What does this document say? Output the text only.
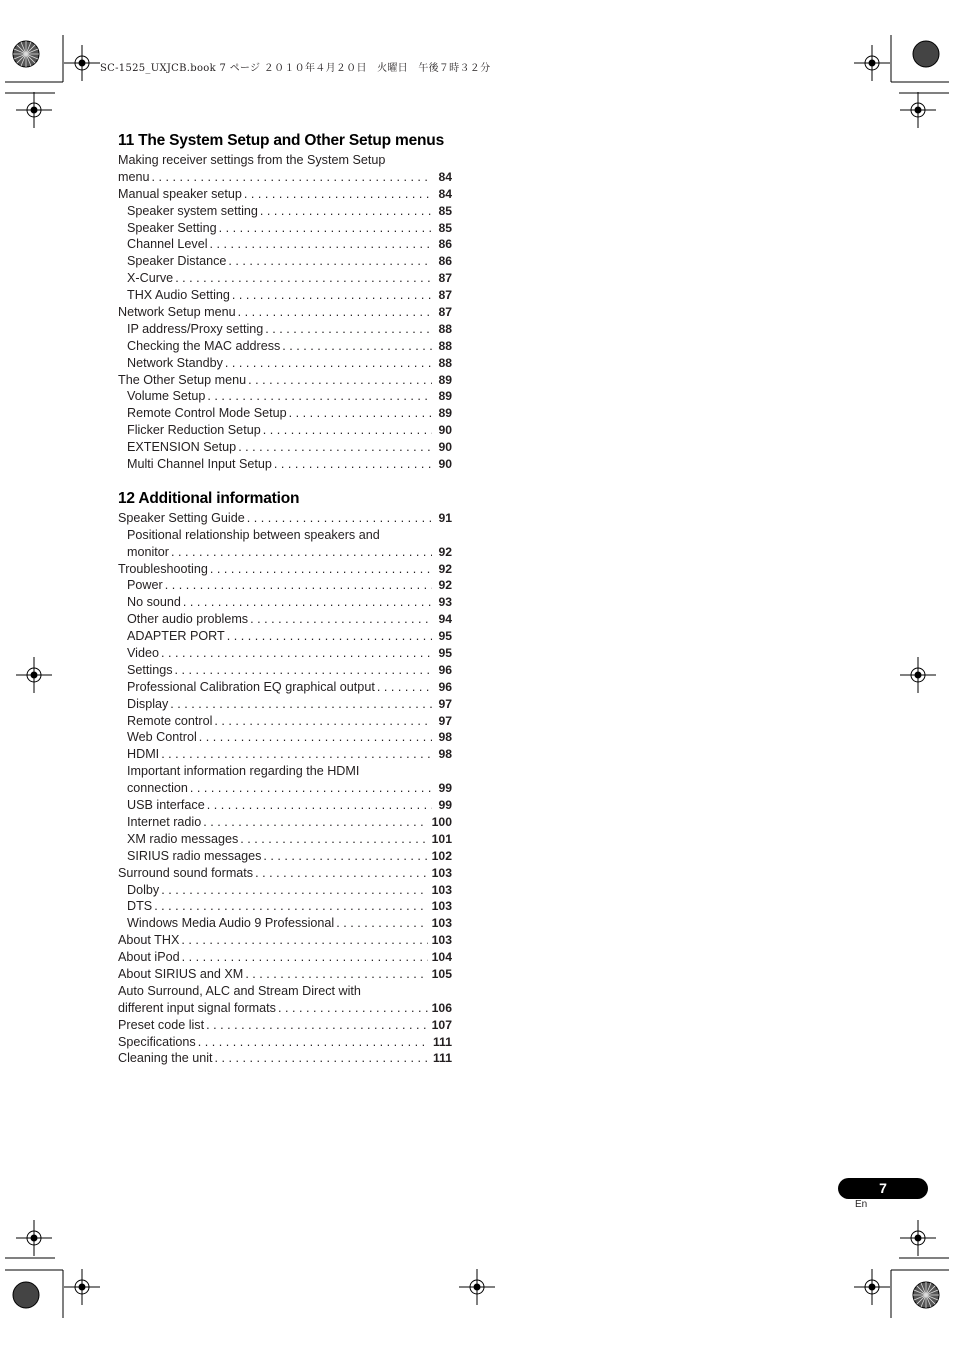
SC-1525_UXJCB.book 7 ページ ２０１０年４月２０日　火曜日　午後７時３２分
11 The System Setup and Other Setup menus
Making receiver settings from the System Setup
menu . . .	84
Manual speaker setup . . .	84
Speaker system setting . . .	85
Speaker Setting . . .	85
Channel Level . . .	86
Speaker Distance . . .	86
X-Curve . . .	87
THX Audio Setting . . .	87
Network Setup menu . . .	87
IP address/Proxy setting . . .	88
Checking the MAC address . . .	88
Network Standby . . .	88
The Other Setup menu . . .	89
Volume Setup . . .	89
Remote Control Mode Setup . . .	89
Flicker Reduction Setup . . .	90
EXTENSION Setup . . .	90
Multi Channel Input Setup . . .	90
12 Additional information
Speaker Setting Guide . . .	91
Positional relationship between speakers and
monitor . . .	92
Troubleshooting . . .	92
Power . . .	92
No sound . . .	93
Other audio problems . . .	94
ADAPTER PORT . . .	95
Video . . .	95
Settings . . .	96
Professional Calibration EQ graphical output . . .	96
Display . . .	97
Remote control . . .	97
Web Control . . .	98
HDMI . . .	98
Important information regarding the HDMI
connection . . .	99
USB interface . . .	99
Internet radio . . .	100
XM radio messages . . .	101
SIRIUS radio messages . . .	102
Surround sound formats . . .	103
Dolby . . .	103
DTS . . .	103
Windows Media Audio 9 Professional . . .	103
About THX . . .	103
About iPod . . .	104
About SIRIUS and XM . . .	105
Auto Surround, ALC and Stream Direct with
different input signal formats . . .	106
Preset code list . . .	107
Specifications . . .	111
Cleaning the unit . . .	111
7
En
